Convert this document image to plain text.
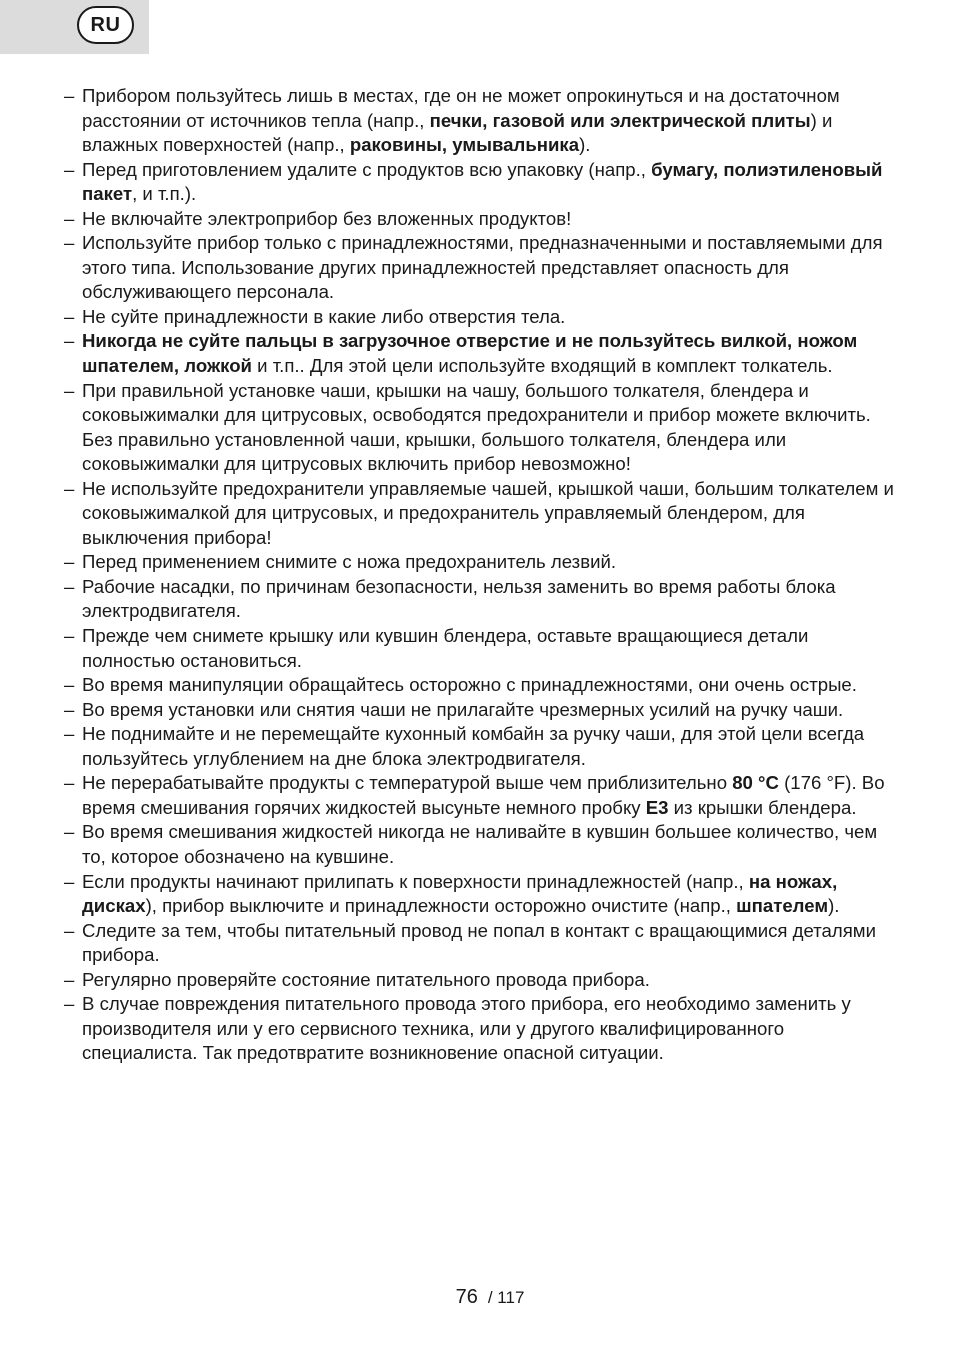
RU
– Прибором пользуйтесь лишь в местах, где он не может опрокинуться и на достаточном расстоянии от источников тепла (напр., печки, газовой или электрической плиты) и влажных поверхностей (напр., раковины, умывальника).
– Перед приготовлением удалите с продуктов всю упаковку (напр., бумагу, полиэтиленовый пакет, и т.п.).
– Не включайте электроприбор без вложенных продуктов!
– Используйте прибор только с принадлежностями, предназначенными и поставляемыми для этого типа. Использование других принадлежностей представляет опасность для обслуживающего персонала.
– Не суйте принадлежности в какие либо отверстия тела.
– Никогда не суйте пальцы в загрузочное отверстие и не пользуйтесь вилкой, ножом шпателем, ложкой и т.п.. Для этой цели используйте входящий в комплект толкатель.
– При правильной установке чаши, крышки на чашу, большого толкателя, блендера и соковыжималки для цитрусовых, освободятся предохранители и прибор можете включить. Без правильно установленной чаши, крышки, большого толкателя, блендера или соковыжималки для цитрусовых включить прибор невозможно!
– Не используйте предохранители управляемые чашей, крышкой чаши, большим толкателем и соковыжималкой для цитрусовых, и предохранитель управляемый блендером, для выключения прибора!
– Перед применением снимите с ножа предохранитель лезвий.
– Рабочие насадки, по причинам безопасности, нельзя заменить во время работы блока электродвигателя.
– Прежде чем снимете крышку или кувшин блендера, оставьте вращающиеся детали полностью остановиться.
– Во время манипуляции обращайтесь осторожно с принадлежностями, они очень острые.
– Во время установки или снятия чаши не прилагайте чрезмерных усилий на ручку чаши.
– Не поднимайте и не перемещайте кухонный комбайн за ручку чаши, для этой цели всегда пользуйтесь углублением на дне блока электродвигателя.
– Не перерабатывайте продукты с температурой выше чем приблизительно 80 °C (176 °F). Во время смешивания горячих жидкостей высуньте немного пробку E3 из крышки блендера.
– Во время смешивания жидкостей никогда не наливайте в кувшин большее количество, чем то, которое обозначено на кувшине.
– Если продукты начинают прилипать к поверхности принадлежностей (напр., на ножах, дисках), прибор выключите и принадлежности осторожно очистите (напр., шпателем).
– Следите за тем, чтобы питательный провод не попал в контакт с вращающимися деталями прибора.
– Регулярно проверяйте состояние питательного провода прибора.
– В случае повреждения питательного провода этого прибора, его необходимо заменить у производителя или у его сервисного техника, или у другого квалифицированного специалиста. Так предотвратите возникновение опасной ситуации.
76 / 117
